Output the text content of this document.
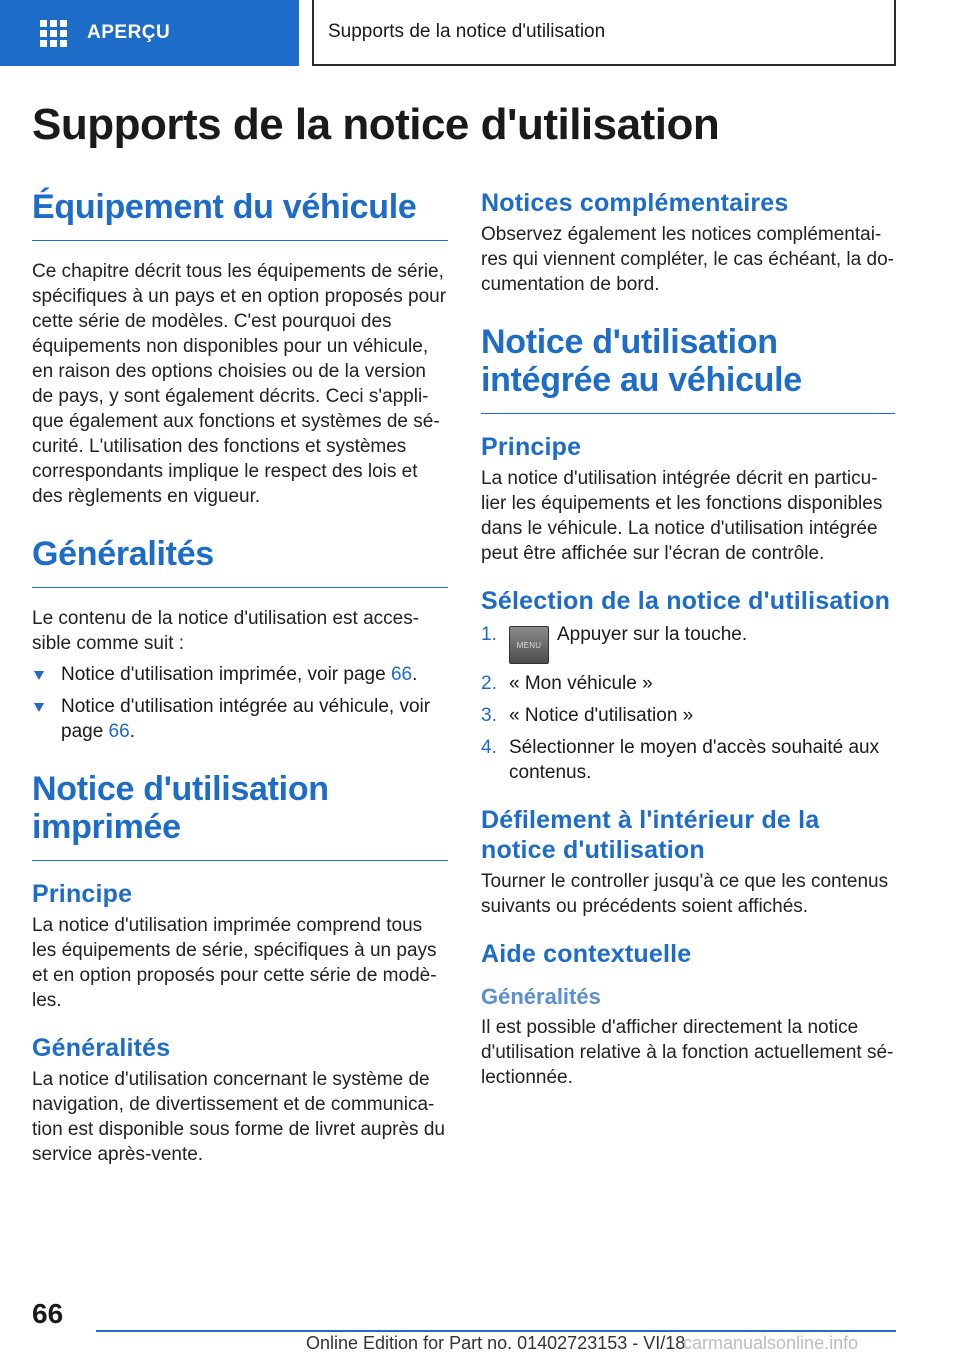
APERÇU	Supports de la notice d'utilisation
Supports de la notice d'utilisation
Équipement du véhicule

Ce chapitre décrit tous les équipements de série, spécifiques à un pays et en option proposés pour cette série de modèles. C'est pourquoi des équipements non disponibles pour un véhicule, en raison des options choisies ou de la version de pays, y sont également décrits. Ceci s'appli-que également aux fonctions et systèmes de sé-curité. L'utilisation des fonctions et systèmes correspondants implique le respect des lois et des règlements en vigueur.

Généralités

Le contenu de la notice d'utilisation est acces-sible comme suit :

Notice d'utilisation imprimée, voir page 66.
Notice d'utilisation intégrée au véhicule, voir page 66.
Notice d'utilisation imprimée
Principe

La notice d'utilisation imprimée comprend tous les équipements de série, spécifiques à un pays et en option proposés pour cette série de modè-les.

Généralités

La notice d'utilisation concernant le système de navigation, de divertissement et de communica-tion est disponible sous forme de livret auprès du service après-vente.

Notices complémentaires

Observez également les notices complémentai-res qui viennent compléter, le cas échéant, la do-cumentation de bord.

Notice d'utilisation intégrée au véhicule
Principe

La notice d'utilisation intégrée décrit en particu-lier les équipements et les fonctions disponibles dans le véhicule. La notice d'utilisation intégrée peut être affichée sur l'écran de contrôle.

Sélection de la notice d'utilisation
1.
MENUAppuyer sur la touche.
2. « Mon véhicule »
3. « Notice d'utilisation »
4. Sélectionner le moyen d'accès souhaité aux contenus.
Défilement à l'intérieur de la notice d'utilisation

Tourner le controller jusqu'à ce que les contenus suivants ou précédents soient affichés.

Aide contextuelle
Généralités

Il est possible d'afficher directement la notice d'utilisation relative à la fonction actuellement sé-lectionnée.

66
Online Edition for Part no. 01402723153 - VI/18
carmanualsonline.info
